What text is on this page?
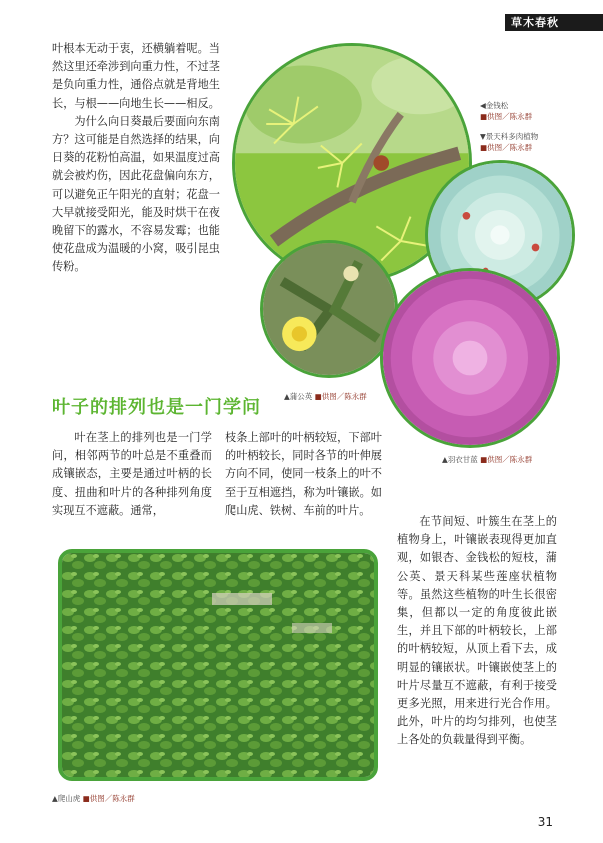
草木春秋

叶根本无动于衷，还横躺着呢。当然这里还牵涉到向重力性，不过茎是负向重力性，通俗点就是背地生长，与根——向地生长——相反。

为什么向日葵最后要面向东南方？这可能是自然选择的结果，向日葵的花粉怕高温，如果温度过高就会被灼伤，因此花盘偏向东方，可以避免正午阳光的直射；花盘一大早就接受阳光，能及时烘干在夜晚留下的露水，不容易发霉；也能使花盘成为温暖的小窝，吸引昆虫传粉。

◀金钱松
■供图／陈永群
▼景天科多肉植物
■供图／陈永群
▲蒲公英 ■供图／陈永群
▲羽衣甘蓝 ■供图／陈永群
叶子的排列也是一门学问

叶在茎上的排列也是一门学问，相邻两节的叶总是不重叠而成镶嵌态，主要是通过叶柄的长度、扭曲和叶片的各种排列角度实现互不遮蔽。通常，

枝条上部叶的叶柄较短，下部叶的叶柄较长，同时各节的叶伸展方向不同，使同一枝条上的叶不至于互相遮挡，称为叶镶嵌。如爬山虎、铁树、车前的叶片。

在节间短、叶簇生在茎上的植物身上，叶镶嵌表现得更加直观，如银杏、金钱松的短枝，蒲公英、景天科某些莲座状植物等。虽然这些植物的叶生长很密集，但都以一定的角度彼此嵌生，并且下部的叶柄较长，上部的叶柄较短，从顶上看下去，成明显的镶嵌状。叶镶嵌使茎上的叶片尽量互不遮蔽，有利于接受更多光照，用来进行光合作用。此外，叶片的均匀排列，也使茎上各处的负载量得到平衡。

▲爬山虎 ■供图／陈永群
31
